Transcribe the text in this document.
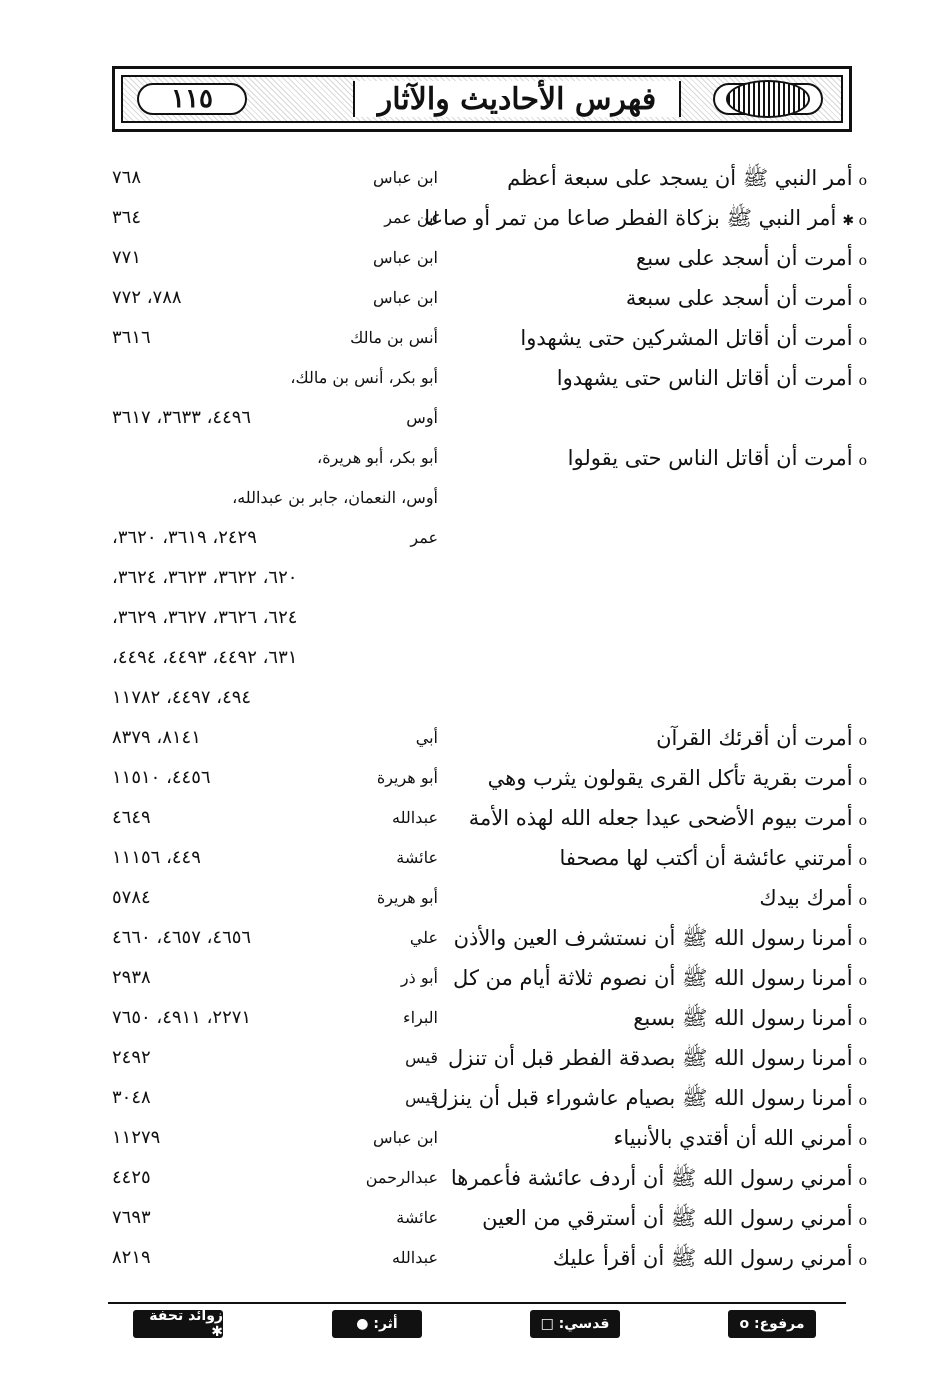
١١٥	فهرس الأحاديث والآثار
oأمر النبي ﷺ أن يسجد على سبعة أعظم
ابن عباس
٧٦٨
o ✱أمر النبي ﷺ بزكاة الفطر صاعا من تمر أو صاعا
ابن عمر
٣٦٤
oأمرت أن أسجد على سبع
ابن عباس
٧٧١
oأمرت أن أسجد على سبعة
ابن عباس
٧٨٨، ٧٧٢
oأمرت أن أقاتل المشركين حتى يشهدوا
أنس بن مالك
٣٦١٦
oأمرت أن أقاتل الناس حتى يشهدوا
أبو بكر، أنس بن مالك،
أوس
٤٤٩٦، ٣٦٣٣، ٣٦١٧
oأمرت أن أقاتل الناس حتى يقولوا
أبو بكر، أبو هريرة،
أوس، النعمان، جابر بن عبدالله،
عمر
٢٤٢٩، ٣٦١٩، ٣٦٢٠،
٦٢٠، ٣٦٢٢، ٣٦٢٣، ٣٦٢٤،
٦٢٤، ٣٦٢٦، ٣٦٢٧، ٣٦٢٩،
٦٣١، ٤٤٩٢، ٤٤٩٣، ٤٤٩٤،
٤٩٤، ٤٤٩٧، ١١٧٨٢
oأمرت أن أقرئك القرآن
أبي
٨١٤١، ٨٣٧٩
oأمرت بقرية تأكل القرى يقولون يثرب وهي
أبو هريرة
٤٤٥٦، ١١٥١٠
oأمرت بيوم الأضحى عيدا جعله الله لهذه الأمة
عبدالله
٤٦٤٩
oأمرتني عائشة أن أكتب لها مصحفا
عائشة
٤٤٩، ١١١٥٦
oأمرك بيدك
أبو هريرة
٥٧٨٤
oأمرنا رسول الله ﷺ أن نستشرف العين والأذن
علي
٤٦٥٦، ٤٦٥٧، ٤٦٦٠
oأمرنا رسول الله ﷺ أن نصوم ثلاثة أيام من كل
أبو ذر
٢٩٣٨
oأمرنا رسول الله ﷺ بسبع
البراء
٢٢٧١، ٤٩١١، ٧٦٥٠
oأمرنا رسول الله ﷺ بصدقة الفطر قبل أن تنزل
قيس
٢٤٩٢
oأمرنا رسول الله ﷺ بصيام عاشوراء قبل أن ينزل
قيس
٣٠٤٨
oأمرني الله أن أقتدي بالأنبياء
ابن عباس
١١٢٧٩
oأمرني رسول الله ﷺ أن أردف عائشة فأعمرها
عبدالرحمن
٤٤٢٥
oأمرني رسول الله ﷺ أن أسترقي من العين
عائشة
٧٦٩٣
oأمرني رسول الله ﷺ أن أقرأ عليك
عبدالله
٨٢١٩
مرفوع: o
قدسي: □
أثر: ●
زوائد تحفة ✱
